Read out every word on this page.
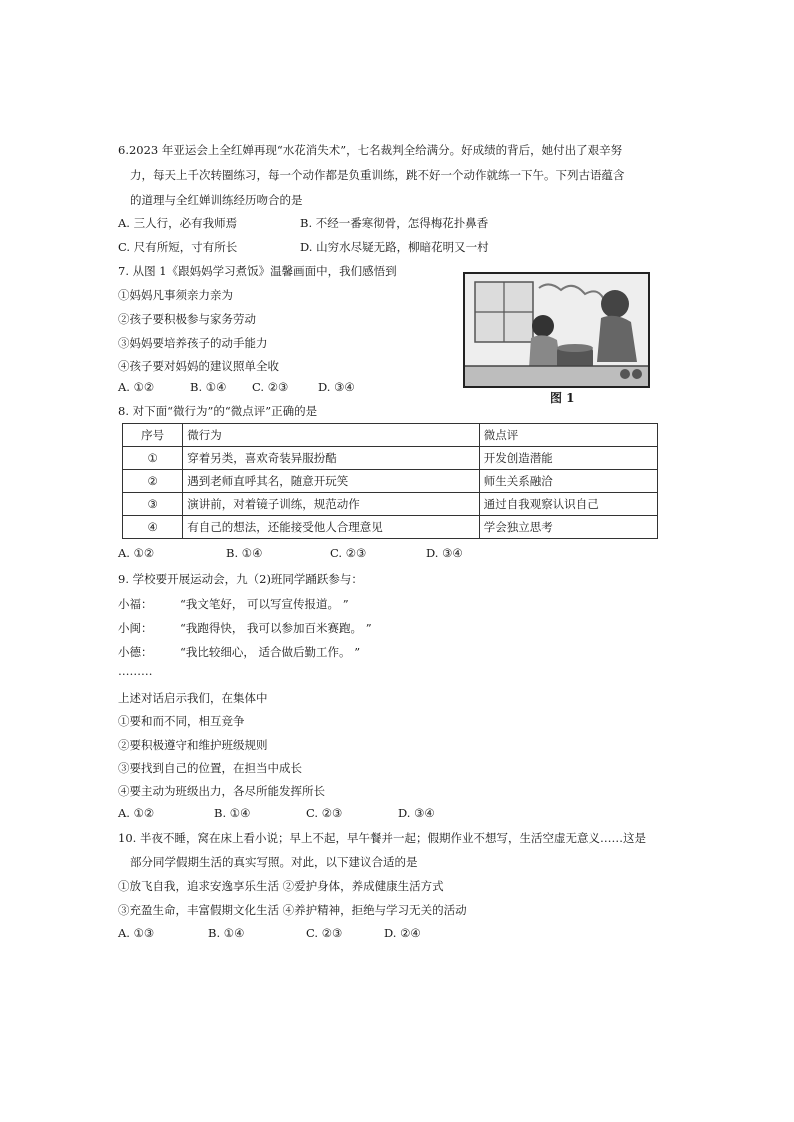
6.2023 年亚运会上全红婵再现“水花消失术”，七名裁判全给满分。好成绩的背后，她付出了艰辛努
力，每天上千次转圈练习，每一个动作都是负重训练，跳不好一个动作就练一下午。下列古语蕴含
的道理与全红婵训练经历吻合的是
A. 三人行，必有我师焉	B. 不经一番寒彻骨，怎得梅花扑鼻香
C. 尺有所短，寸有所长	D. 山穷水尽疑无路，柳暗花明又一村
7. 从图 1《跟妈妈学习煮饭》温馨画面中，我们感悟到
①妈妈凡事须亲力亲为
②孩子要积极参与家务劳动
③妈妈要培养孩子的动手能力
④孩子要对妈妈的建议照单全收
A. ①②	B. ①④ C. ②③	D. ③④
图 1
8. 对下面“微行为”的“微点评”正确的是
序号	微行为	微点评
①	穿着另类，喜欢奇装异服扮酷	开发创造潜能
②	遇到老师直呼其名，随意开玩笑	师生关系融洽
③	演讲前，对着镜子训练，规范动作	通过自我观察认识自己
④	有自己的想法，还能接受他人合理意见	学会独立思考
A. ①②	B. ①④	C. ②③	D. ③④
9. 学校要开展运动会，九（2)班同学踊跃参与：
小福： “我文笔好， 可以写宣传报道。 ”
小闽： “我跑得快， 我可以参加百米赛跑。 ”
小德： “我比较细心， 适合做后勤工作。 ”
………
上述对话启示我们，在集体中
①要和而不同，相互竞争
②要积极遵守和维护班级规则
③要找到自己的位置，在担当中成长
④要主动为班级出力，各尽所能发挥所长
A. ①②	B. ①④	C. ②③	D. ③④
10. 半夜不睡，窝在床上看小说；早上不起，早午餐并一起；假期作业不想写，生活空虚无意义……这是
部分同学假期生活的真实写照。对此，以下建议合适的是
①放飞自我，追求安逸享乐生活 ②爱护身体，养成健康生活方式
③充盈生命，丰富假期文化生活 ④养护精神，拒绝与学习无关的活动
A. ①③	B. ①④	C. ②③	D. ②④
